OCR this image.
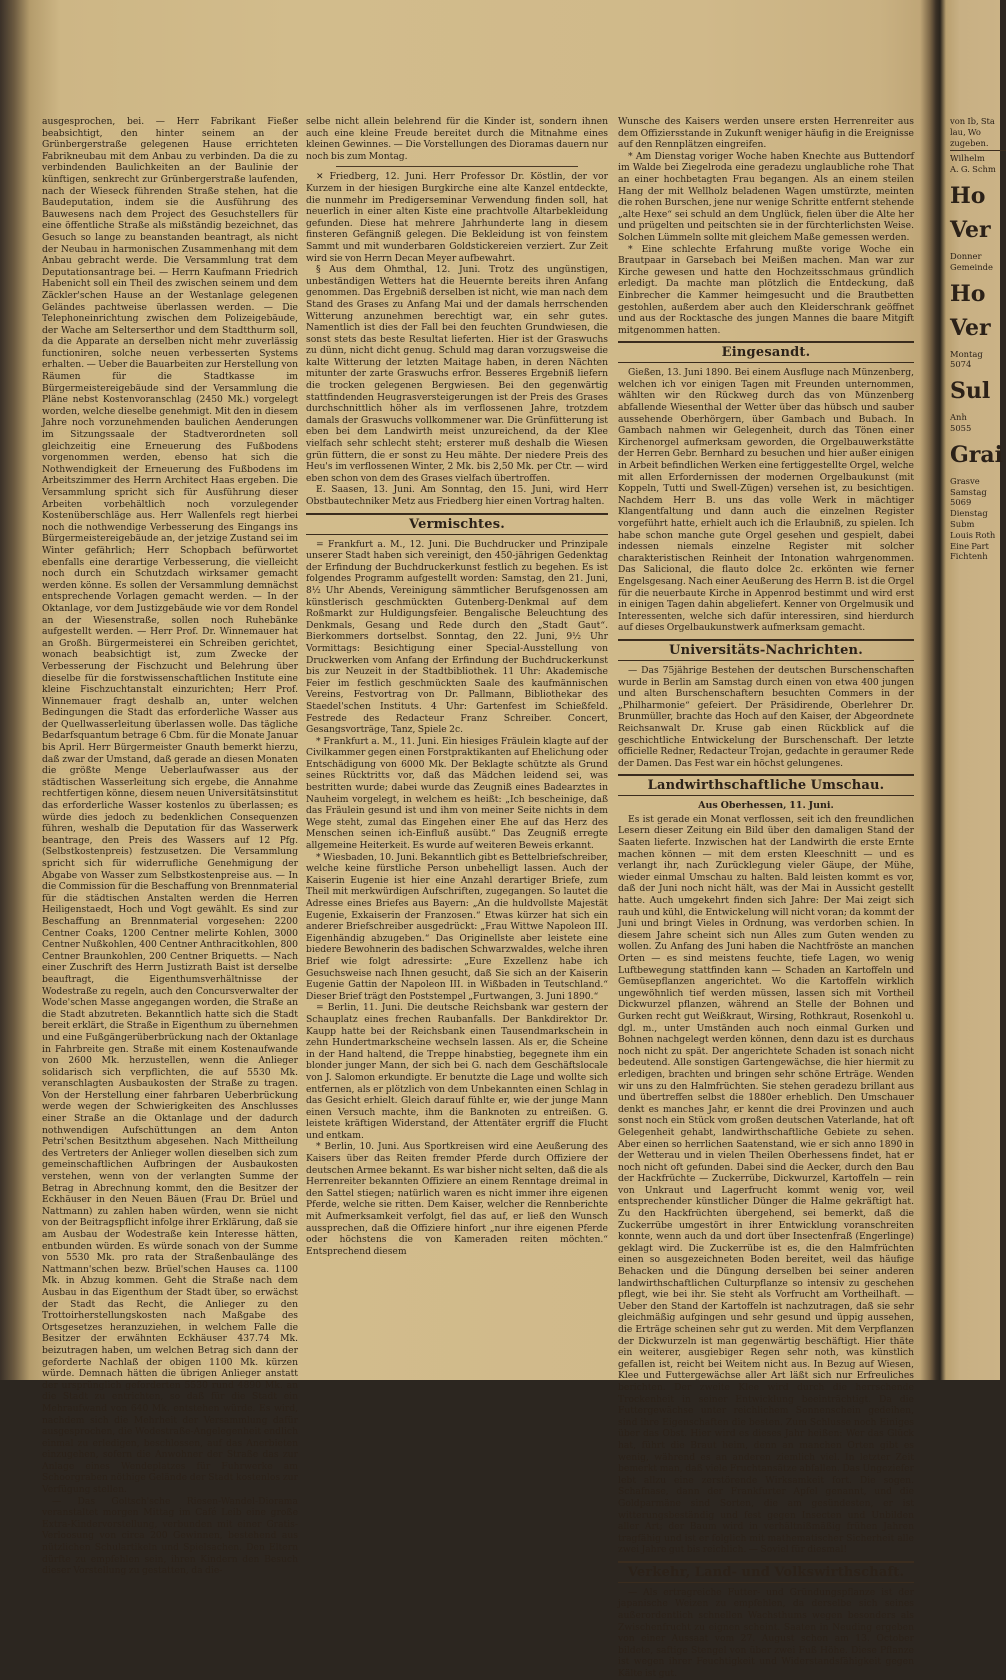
ausgesprochen, bei. — Herr Fabrikant Fießer beabsichtigt, den hinter seinem an der Grünbergerstraße gelegenen Hause errichteten Fabrikneubau mit dem Anbau zu verbinden. Da die zu verbindenden Baulichkeiten an der Baulinie der künftigen, senkrecht zur Grünbergerstraße laufenden, nach der Wieseck führenden Straße stehen, hat die Baudeputation, indem sie die Ausführung des Bauwesens nach dem Project des Gesuchstellers für eine öffentliche Straße als mißständig bezeichnet, das Gesuch so lange zu beanstanden beantragt, als nicht der Neubau in harmonischen Zusammenhang mit dem Anbau gebracht werde. Die Versammlung trat dem Deputationsantrage bei. — Herrn Kaufmann Friedrich Habenicht soll ein Theil des zwischen seinem und dem Zäckler'schen Hause an der Westanlage gelegenen Geländes pachtweise überlassen werden. — Die Telephoneinrichtung zwischen dem Polizeigebäude, der Wache am Selterserthor und dem Stadtthurm soll, da die Apparate an derselben nicht mehr zuverlässig functioniren, solche neuen verbesserten Systems erhalten. — Ueber die Bauarbeiten zur Herstellung von Räumen für die Stadtkasse im Bürgermeistereigebäude sind der Versammlung die Pläne nebst Kostenvoranschlag (2450 Mk.) vorgelegt worden, welche dieselbe genehmigt. Mit den in diesem Jahre noch vorzunehmenden baulichen Aenderungen im Sitzungssaale der Stadtverordneten soll gleichzeitig eine Erneuerung des Fußbodens vorgenommen werden, ebenso hat sich die Nothwendigkeit der Erneuerung des Fußbodens im Arbeitszimmer des Herrn Architect Haas ergeben. Die Versammlung spricht sich für Ausführung dieser Arbeiten vorbehältlich noch vorzulegender Kostenüberschläge aus. Herr Wallenfels regt hierbei noch die nothwendige Verbesserung des Eingangs ins Bürgermeistereigebäude an, der jetzige Zustand sei im Winter gefährlich; Herr Schopbach befürwortet ebenfalls eine derartige Verbesserung, die vielleicht noch durch ein Schutzdach wirksamer gemacht werden könne. Es sollen der Versammlung demnächst entsprechende Vorlagen gemacht werden. — In der Oktanlage, vor dem Justizgebäude wie vor dem Rondel an der Wiesenstraße, sollen noch Ruhebänke aufgestellt werden. — Herr Prof. Dr. Winnemauer hat an Großh. Bürgermeisterei ein Schreiben gerichtet, wonach beabsichtigt ist, zum Zwecke der Verbesserung der Fischzucht und Belehrung über dieselbe für die forstwissenschaftlichen Institute eine kleine Fischzuchtanstalt einzurichten; Herr Prof. Winnemauer fragt deshalb an, unter welchen Bedingungen die Stadt das erforderliche Wasser aus der Quellwasserleitung überlassen wolle. Das tägliche Bedarfsquantum betrage 6 Cbm. für die Monate Januar bis April. Herr Bürgermeister Gnauth bemerkt hierzu, daß zwar der Umstand, daß gerade an diesen Monaten die größte Menge Ueberlaufwasser aus der städtischen Wasserleitung sich ergebe, die Annahme rechtfertigen könne, diesem neuen Universitätsinstitut das erforderliche Wasser kostenlos zu überlassen; es würde dies jedoch zu bedenklichen Consequenzen führen, weshalb die Deputation für das Wasserwerk beantrage, den Preis des Wassers auf 12 Pfg. (Selbstkostenpreis) festzusetzen. Die Versammlung spricht sich für widerrufliche Genehmigung der Abgabe von Wasser zum Selbstkostenpreise aus. — In die Commission für die Beschaffung von Brennmaterial für die städtischen Anstalten werden die Herren Heiligenstaedt, Hoch und Vogt gewählt. Es sind zur Beschaffung an Brennmaterial vorgesehen: 2200 Centner Coaks, 1200 Centner melirte Kohlen, 3000 Centner Nußkohlen, 400 Centner Anthracitkohlen, 800 Centner Braunkohlen, 200 Centner Briquetts. — Nach einer Zuschrift des Herrn Justizrath Baist ist derselbe beauftragt, die Eigenthumsverhältnisse der Wodestraße zu regeln, auch den Concursverwalter der Wode'schen Masse angegangen worden, die Straße an die Stadt abzutreten. Bekanntlich hatte sich die Stadt bereit erklärt, die Straße in Eigenthum zu übernehmen und eine Fußgängerüberbrückung nach der Oktanlage in Fahrbreite gen. Straße mit einem Kostenaufwande von 2600 Mk. herzustellen, wenn die Anlieger solidarisch sich verpflichten, die auf 5530 Mk. veranschlagten Ausbaukosten der Straße zu tragen. Von der Herstellung einer fahrbaren Ueberbrückung werde wegen der Schwierigkeiten des Anschlusses einer Straße an die Oktanlage und der dadurch nothwendigen Aufschüttungen an dem Anton Petri'schen Besitzthum abgesehen. Nach Mittheilung des Vertreters der Anlieger wollen dieselben sich zum gemeinschaftlichen Aufbringen der Ausbaukosten verstehen, wenn von der verlangten Summe der Betrag in Abrechnung kommt, den die Besitzer der Eckhäuser in den Neuen Bäuen (Frau Dr. Brüel und Nattmann) zu zahlen haben würden, wenn sie nicht von der Beitragspflicht infolge ihrer Erklärung, daß sie am Ausbau der Wodestraße kein Interesse hätten, entbunden würden. Es würde sonach von der Summe von 5530 Mk. pro rata der Straßenbaulänge des Nattmann'schen bezw. Brüel'schen Hauses ca. 1100 Mk. in Abzug kommen. Geht die Straße nach dem Ausbau in das Eigenthum der Stadt über, so erwächst der Stadt das Recht, die Anlieger zu den Trottoirherstellungskosten nach Maßgabe des Ortsgesetzes heranzuziehen, in welchem Falle die Besitzer der erwähnten Eckhäuser 437.74 Mk. beizutragen haben, um welchen Betrag sich dann der geforderte Nachlaß der obigen 1100 Mk. kürzen würde. Demnach hätten die übrigen Anlieger anstatt der ursprünglich geforderten 5530 rund 4890 Mk. an die Stadt zu entrichten, so daß für die Stadt ein Mehraufwand von 640 Mk. entstehen würde. Es wird, nachdem sich die Mehrheit der Versammlung dafür ausgesprochen, die Wodestraße-Angelegenheit endlich einmal zu erledigen, beschlossen, auf das Anerbieten einzugehen, sofern die Anwohner der Straße das zur Anlage eines Wendeplatzes für Fuhrwerke am Schoorgraben nöthige Gelände der Stadt kostenlos zur Verfügung stellen.

— Das Goltsch'sche Riesen-Wandel-Diorama veranstaltet morgen Mittag im Café Leib eine große Extra-Kindervorstellung, verbunden mit einer Gratis-Verloosung von circa 200 Gewinnen, bestehend aus nützlichen Schulartikeln und Spielsachen. Den Eltern dürfte zu empfehlen sein, ihren Kindern den Besuch dieser Vorstellung zu gestatten, da die-

selbe nicht allein belehrend für die Kinder ist, sondern ihnen auch eine kleine Freude bereitet durch die Mitnahme eines kleinen Gewinnes. — Die Vorstellungen des Dioramas dauern nur noch bis zum Montag.

✕ Friedberg, 12. Juni. Herr Professor Dr. Köstlin, der vor Kurzem in der hiesigen Burgkirche eine alte Kanzel entdeckte, die nunmehr im Predigerseminar Verwendung finden soll, hat neuerlich in einer alten Kiste eine prachtvolle Altarbekleidung gefunden. Diese hat mehrere Jahrhunderte lang in diesem finsteren Gefängniß gelegen. Die Bekleidung ist von feinstem Sammt und mit wunderbaren Goldstickereien verziert. Zur Zeit wird sie von Herrn Decan Meyer aufbewahrt.

§ Aus dem Ohmthal, 12. Juni. Trotz des ungünstigen, unbeständigen Wetters hat die Heuernte bereits ihren Anfang genommen. Das Ergebniß derselben ist nicht, wie man nach dem Stand des Grases zu Anfang Mai und der damals herrschenden Witterung anzunehmen berechtigt war, ein sehr gutes. Namentlich ist dies der Fall bei den feuchten Grundwiesen, die sonst stets das beste Resultat lieferten. Hier ist der Graswuchs zu dünn, nicht dicht genug. Schuld mag daran vorzugsweise die kalte Witterung der letzten Maitage haben, in deren Nächten mitunter der zarte Graswuchs erfror. Besseres Ergebniß liefern die trocken gelegenen Bergwiesen. Bei den gegenwärtig stattfindenden Heugrasversteigerungen ist der Preis des Grases durchschnittlich höher als im verflossenen Jahre, trotzdem damals der Graswuchs vollkommener war. Die Grünfütterung ist eben bei dem Landwirth meist unzureichend, da der Klee vielfach sehr schlecht steht; ersterer muß deshalb die Wiesen grün füttern, die er sonst zu Heu mähte. Der niedere Preis des Heu's im verflossenen Winter, 2 Mk. bis 2,50 Mk. per Ctr. — wird eben schon von dem des Grases vielfach übertroffen.

E. Saasen, 13. Juni. Am Sonntag, den 15. Juni, wird Herr Obstbautechniker Metz aus Friedberg hier einen Vortrag halten.

Vermischtes.

= Frankfurt a. M., 12. Juni. Die Buchdrucker und Prinzipale unserer Stadt haben sich vereinigt, den 450-jährigen Gedenktag der Erfindung der Buchdruckerkunst festlich zu begehen. Es ist folgendes Programm aufgestellt worden: Samstag, den 21. Juni, 8½ Uhr Abends, Vereinigung sämmtlicher Berufsgenossen am künstlerisch geschmückten Gutenberg-Denkmal auf dem Roßmarkt zur Huldigungsfeier. Bengalische Beleuchtung des Denkmals, Gesang und Rede durch den „Stadt Gaut“. Bierkommers dortselbst. Sonntag, den 22. Juni, 9½ Uhr Vormittags: Besichtigung einer Special-Ausstellung von Druckwerken vom Anfang der Erfindung der Buchdruckerkunst bis zur Neuzeit in der Stadtbibliothek. 11 Uhr: Akademische Feier im festlich geschmückten Saale des kaufmännischen Vereins, Festvortrag von Dr. Pallmann, Bibliothekar des Staedel'schen Instituts. 4 Uhr: Gartenfest im Schießfeld. Festrede des Redacteur Franz Schreiber. Concert, Gesangsvorträge, Tanz, Spiele 2c.

* Frankfurt a. M., 11. Juni. Ein hiesiges Fräulein klagte auf der Civilkammer gegen einen Forstpraktikanten auf Ehelichung oder Entschädigung von 6000 Mk. Der Beklagte schützte als Grund seines Rücktritts vor, daß das Mädchen leidend sei, was bestritten wurde; dabei wurde das Zeugniß eines Badearztes in Nauheim vorgelegt, in welchem es heißt: „Ich bescheinige, daß das Fräulein gesund ist und ihm von meiner Seite nichts in dem Wege steht, zumal das Eingehen einer Ehe auf das Herz des Menschen seinen ich-Einfluß ausübt.“ Das Zeugniß erregte allgemeine Heiterkeit. Es wurde auf weiteren Beweis erkannt.

* Wiesbaden, 10. Juni. Bekanntlich gibt es Bettelbriefschreiber, welche keine fürstliche Person unbehelligt lassen. Auch der Kaiserin Eugenie ist hier eine Anzahl derartiger Briefe, zum Theil mit merkwürdigen Aufschriften, zugegangen. So lautet die Adresse eines Briefes aus Bayern: „An die huldvollste Majestät Eugenie, Exkaiserin der Franzosen.“ Etwas kürzer hat sich ein anderer Briefschreiber ausgedrückt: „Frau Wittwe Napoleon III. Eigenhändig abzugeben.“ Das Originellste aber leistete eine biedere Bewohnerin des badischen Schwarzwaldes, welche ihren Brief wie folgt adressirte: „Eure Exzellenz habe ich Gesuchsweise nach Ihnen gesucht, daß Sie sich an der Kaiserin Eugenie Gattin der Napoleon III. in Wißbaden in Teutschland.“ Dieser Brief trägt den Poststempel „Furtwangen, 3. Juni 1890.“

= Berlin, 11. Juni. Die deutsche Reichsbank war gestern der Schauplatz eines frechen Raubanfalls. Der Bankdirektor Dr. Kaupp hatte bei der Reichsbank einen Tausendmarkschein in zehn Hundertmarkscheine wechseln lassen. Als er, die Scheine in der Hand haltend, die Treppe hinabstieg, begegnete ihm ein blonder junger Mann, der sich bei G. nach dem Geschäftslocale von J. Salomon erkundigte. Er benutzte die Lage und wollte sich entfernen, als er plötzlich von dem Unbekannten einen Schlag in das Gesicht erhielt. Gleich darauf fühlte er, wie der junge Mann einen Versuch machte, ihm die Banknoten zu entreißen. G. leistete kräftigen Widerstand, der Attentäter ergriff die Flucht und entkam.

* Berlin, 10. Juni. Aus Sportkreisen wird eine Aeußerung des Kaisers über das Reiten fremder Pferde durch Offiziere der deutschen Armee bekannt. Es war bisher nicht selten, daß die als Herrenreiter bekannten Offiziere an einem Renntage dreimal in den Sattel stiegen; natürlich waren es nicht immer ihre eigenen Pferde, welche sie ritten. Dem Kaiser, welcher die Rennberichte mit Aufmerksamkeit verfolgt, fiel das auf, er ließ den Wunsch aussprechen, daß die Offiziere hinfort „nur ihre eigenen Pferde oder höchstens die von Kameraden reiten möchten.“ Entsprechend diesem

Wunsche des Kaisers werden unsere ersten Herrenreiter aus dem Offiziersstande in Zukunft weniger häufig in die Ereignisse auf den Rennplätzen eingreifen.

* Am Dienstag voriger Woche haben Knechte aus Buttendorf im Walde bei Ziegelroda eine geradezu unglaubliche rohe That an einer hochbetagten Frau begangen. Als an einem steilen Hang der mit Wellholz beladenen Wagen umstürzte, meinten die rohen Burschen, jene nur wenige Schritte entfernt stehende „alte Hexe“ sei schuld an dem Unglück, fielen über die Alte her und prügelten und peitschten sie in der fürchterlichsten Weise. Solchen Lümmeln sollte mit gleichem Maße gemessen werden.

* Eine schlechte Erfahrung mußte vorige Woche ein Brautpaar in Garsebach bei Meißen machen. Man war zur Kirche gewesen und hatte den Hochzeitsschmaus gründlich erledigt. Da machte man plötzlich die Entdeckung, daß Einbrecher die Kammer heimgesucht und die Brautbetten gestohlen, außerdem aber auch den Kleiderschrank geöffnet und aus der Rocktasche des jungen Mannes die baare Mitgift mitgenommen hatten.

Eingesandt.

Gießen, 13. Juni 1890. Bei einem Ausfluge nach Münzenberg, welchen ich vor einigen Tagen mit Freunden unternommen, wählten wir den Rückweg durch das von Münzenberg abfallende Wiesenthal der Wetter über das hübsch und sauber aussehende Oberhörgern, über Gambach und Bubach. In Gambach nahmen wir Gelegenheit, durch das Tönen einer Kirchenorgel aufmerksam geworden, die Orgelbauwerkstätte der Herren Gebr. Bernhard zu besuchen und hier außer einigen in Arbeit befindlichen Werken eine fertiggestellte Orgel, welche mit allen Erfordernissen der modernen Orgelbaukunst (mit Koppeln, Tutti und Swell-Zügen) versehen ist, zu besichtigen. Nachdem Herr B. uns das volle Werk in mächtiger Klangentfaltung und dann auch die einzelnen Register vorgeführt hatte, erhielt auch ich die Erlaubniß, zu spielen. Ich habe schon manche gute Orgel gesehen und gespielt, dabei indessen niemals einzelne Register mit solcher charakteristischen Reinheit der Intonation wahrgenommen. Das Salicional, die flauto dolce 2c. erkönten wie ferner Engelsgesang. Nach einer Aeußerung des Herrn B. ist die Orgel für die neuerbaute Kirche in Appenrod bestimmt und wird erst in einigen Tagen dahin abgeliefert. Kenner von Orgelmusik und Interessenten, welche sich dafür interessiren, sind hierdurch auf dieses Orgelbaukunstwerk aufmerksam gemacht.

Universitäts-Nachrichten.

— Das 75jährige Bestehen der deutschen Burschenschaften wurde in Berlin am Samstag durch einen von etwa 400 jungen und alten Burschenschaftern besuchten Commers in der „Philharmonie“ gefeiert. Der Präsidirende, Oberlehrer Dr. Brunmüller, brachte das Hoch auf den Kaiser, der Abgeordnete Reichsanwalt Dr. Kruse gab einen Rückblick auf die geschichtliche Entwickelung der Burschenschaft. Der letzte officielle Redner, Redacteur Trojan, gedachte in geraumer Rede der Damen. Das Fest war ein höchst gelungenes.

Landwirthschaftliche Umschau.
Aus Oberhessen, 11. Juni.

Es ist gerade ein Monat verflossen, seit ich den freundlichen Lesern dieser Zeitung ein Bild über den damaligen Stand der Saaten lieferte. Inzwischen hat der Landwirth die erste Ernte machen können — mit dem ersten Kleeschnitt — und es verlangt ihr, nach Zurücklegung vieler Gäupe, der Mühe, wieder einmal Umschau zu halten. Bald leisten kommt es vor, daß der Juni noch nicht hält, was der Mai in Aussicht gestellt hatte. Auch umgekehrt finden sich Jahre: Der Mai zeigt sich rauh und kühl, die Entwickelung will nicht voran; da kommt der Juni und bringt Vieles in Ordnung, was verdorben schien. In diesem Jahre scheint sich nun Alles zum Guten wenden zu wollen. Zu Anfang des Juni haben die Nachtfröste an manchen Orten — es sind meistens feuchte, tiefe Lagen, wo wenig Luftbewegung stattfinden kann — Schaden an Kartoffeln und Gemüsepflanzen angerichtet. Wo die Kartoffeln wirklich ungewöhnlich tief werden müssen, lassen sich mit Vortheil Dickwurzel pflanzen, während an Stelle der Bohnen und Gurken recht gut Weißkraut, Wirsing, Rothkraut, Rosenkohl u. dgl. m., unter Umständen auch noch einmal Gurken und Bohnen nachgelegt werden können, denn dazu ist es durchaus noch nicht zu spät. Der angerichtete Schaden ist sonach nicht bedeutend. Alle sonstigen Gartengewächse, die hier hiermit zu erledigen, brachten und bringen sehr schöne Erträge. Wenden wir uns zu den Halmfrüchten. Sie stehen geradezu brillant aus und übertreffen selbst die 1880er erheblich. Den Umschauer denkt es manches Jahr, er kennt die drei Provinzen und auch sonst noch ein Stück vom großen deutschen Vaterlande, hat oft Gelegenheit gehabt, landwirthschaftliche Gebiete zu sehen. Aber einen so herrlichen Saatenstand, wie er sich anno 1890 in der Wetterau und in vielen Theilen Oberhessens findet, hat er noch nicht oft gefunden. Dabei sind die Aecker, durch den Bau der Hackfrüchte — Zuckerrübe, Dickwurzel, Kartoffeln — rein von Unkraut und Lagerfrucht kommt wenig vor, weil entsprechender künstlicher Dünger die Halme gekräftigt hat. Zu den Hackfrüchten übergehend, sei bemerkt, daß die Zuckerrübe umgestört in ihrer Entwicklung voranschreiten konnte, wenn auch da und dort über Insectenfraß (Engerlinge) geklagt wird. Die Zuckerrübe ist es, die den Halmfrüchten einen so ausgezeichneten Boden bereitet, weil das häufige Behacken und die Düngung derselben bei seiner anderen landwirthschaftlichen Culturpflanze so intensiv zu geschehen pflegt, wie bei ihr. Sie steht als Vorfrucht am Vortheilhaft. — Ueber den Stand der Kartoffeln ist nachzutragen, daß sie sehr gleichmäßig aufgingen und sehr gesund und üppig aussehen, die Erträge scheinen sehr gut zu werden. Mit dem Verpflanzen der Dickwurzeln ist man gegenwärtig beschäftigt. Hier thäte ein weiterer, ausgiebiger Regen sehr noth, was künstlich gefallen ist, reicht bei Weitem nicht aus. In Bezug auf Wiesen, Klee und Futtergewächse aller Art läßt sich nur Erfreuliches berichten. Der zweite Klee wird durch die herrschende Trockenheit in seiner Entwicklung beeinträchtigt. Da die Futtergewächse unter reichlichem Sonnenschein gedeihen, sind ihre Eigenschaften die besten. Zum Schlusse noch Einiges über das Obst. Hier wird es dieses Jahr heißen: Wer das Glück hat, führt die Braut heim, denn an manchen Orten gibt es wenig, während es an anderen ziemlich viel. In letzter Zeit bemerkt man, daß viele Fruchtansätze abfallen. Das Ungeziefer lebt allzu eine zerstörende Wirksamkeit fort. Die sogen. Schafnase, dann der Frankfurter Apfel genannt, und die Goldparmäne sind Sorten, die am gesündesten, er ist witterungsbeständig und fest gegen Insecten und Unbilden aller Art; der Baum wird in verhältnißmäßig frühen Jahren tragfähig und ist er folglich mit mathematischer Sicherheit alle zwei Jahre gut bis reichlich. — Soviel für diesmal!

Verkehr, Land- und Volkswirthschaft.

— Als ertragreiche Futter- und Gründungspflanze ist der japanische Weizen zu empfehlen, da derselbe sich seines außerordentlich schnellen Wachsthums wegen besonders als Zwischenfrucht zu eignen scheint. Saaten in Neuding ergeben von einer Aussaat vom 27. August schon am 13. October bildete, saftige Stengel von über zwei Fuß Höhe. Diese Pflanze ist wegen ihrer Feuchtigkeit und Widerstandsfähigkeit gegen Kälte ist gut.

von Ib, Sta
lau, Wo
zugeben.
Wilhelm
A. G. Schm
Ho
Ver
Donner
Gemeinde
Ho
Ver
Montag
5074
Sul
Anh
5055
Grai
Grasve
Samstag
5069
Dienstag
Subm
Louis Roth
Eine Part
Fichtenh
